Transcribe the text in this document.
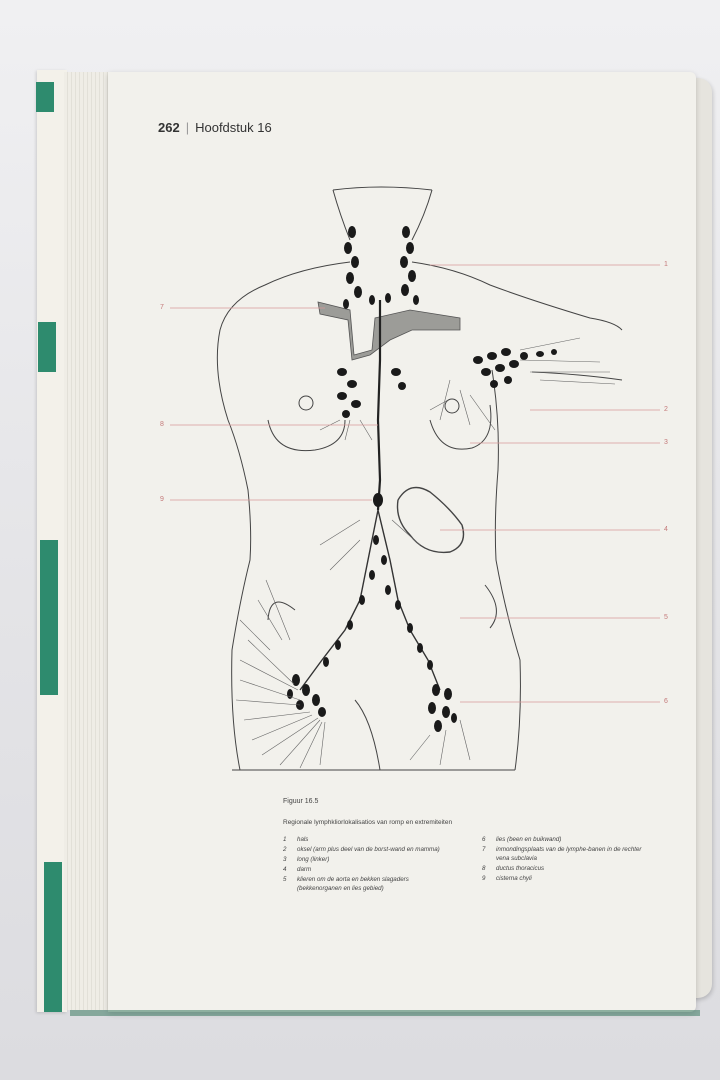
262 | Hoofdstuk 16
1
2
3
4
5
6
7
8
9
Figuur 16.5
Regionale lymphkliorlokalisatios van romp en extremiteiten
1	hals
2	oksel (arm plus deel van de borst-wand en mamma)
3	long (linker)
4	darm
5	klieren om de aorta en bekken slagaders (bekkenorganen en lies gebied)
6	lies (been en buikwand)
7	inmondingsplaats van de lymphe-banen in de rechter vena subclavia
8	ductus thoracicus
9	cisterna chyli
